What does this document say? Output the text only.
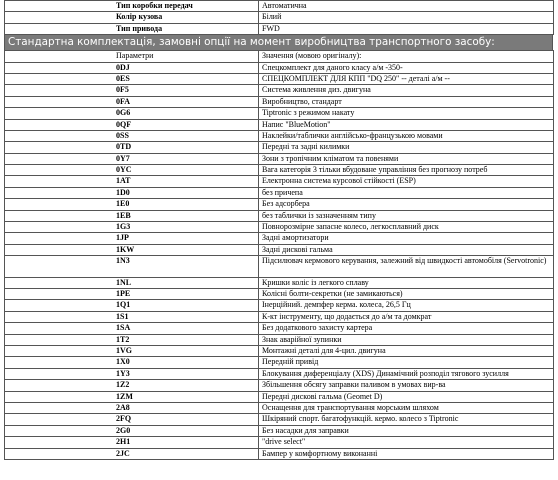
Тип коробки передач	Автоматична
Колір кузова	Білий
Тип привода	FWD
Стандартна комплектація, замовні опції на момент виробництва транспортного засобу:
Параметри	Значення (мовою оригіналу):
0DJ	Спецкомплект для даного класу а/м -350-
0ES	СПЕЦКОМПЛЕКТ ДЛЯ КПП "DQ 250" -- деталі а/м --
0F5	Система живлення диз. двигуна
0FA	Виробництво, стандарт
0G6	Tiptronic з режимом накату
0QF	Напис "BlueMotion"
0SS	Наклейки/таблички англійсько-французькою мовами
0TD	Передні та задні килимки
0Y7	Зони з тропічним кліматом та повенями
0YC	Вага категорія 3 тільки вбудоване управління без прогнозу потреб
1AT	Електронна система курсової стійкості (ESP)
1D0	без причепа
1E0	Без адсорбера
1EB	без таблички із зазначенням типу
1G3	Повнорозмірне запасне колесо, легкосплавний диск
1JP	Задні амортизатори
1KW	Задні дискові гальма
1N3	Підсилювач кермового керування, залежний від швидкості автомобіля (Servotronic)
1NL	Кришки коліс із легкого сплаву
1PE	Колісні болти-секретки (не замикаються)
1Q1	Інерційний. демпфер керма. колеса, 26,5 Гц
1S1	К-кт інструменту, що додається до а/м та домкрат
1SA	Без додаткового захисту картера
1T2	Знак аварійної зупинки
1VG	Монтажні деталі для 4-цил. двигуна
1X0	Передній привід
1Y3	Блокування диференціалу (XDS) Динамічний розподіл тягового зусилля
1Z2	Збільшення обсягу заправки паливом в умовах вир-ва
1ZM	Передні дискові гальма (Geomet D)
2A8	Оснащення для транспортування морським шляхом
2FQ	Шкіряний спорт. багатофункцій. кермо. колесо з Tiptronic
2G0	Без насадки для заправки
2H1	"drive select"
2JC	Бампер у комфортному виконанні
